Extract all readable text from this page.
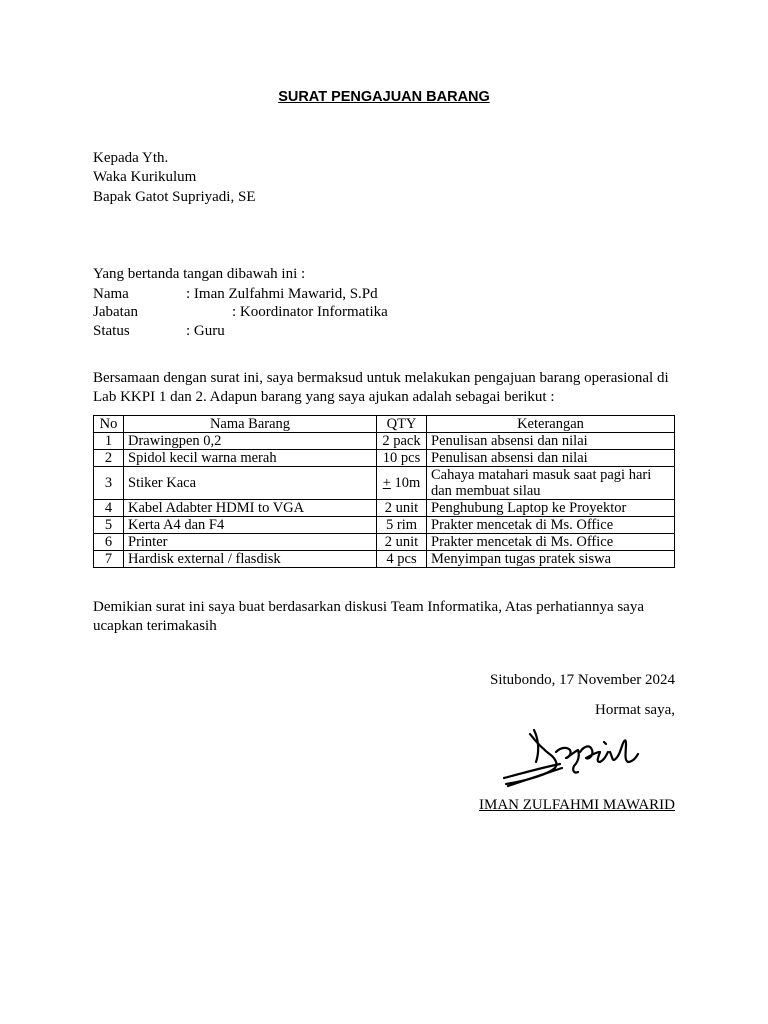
SURAT PENGAJUAN BARANG
Kepada Yth.
Waka Kurikulum
Bapak Gatot Supriyadi, SE
Yang bertanda tangan dibawah ini :
Nama	: Iman Zulfahmi Mawarid, S.Pd
Jabatan	: Koordinator Informatika
Status	: Guru
Bersamaan dengan surat ini, saya bermaksud untuk melakukan pengajuan barang operasional di Lab KKPI 1 dan 2. Adapun barang yang saya ajukan adalah sebagai berikut :
No	Nama Barang	QTY	Keterangan
1	Drawingpen 0,2	2 pack	Penulisan absensi dan nilai
2	Spidol kecil warna merah	10 pcs	Penulisan absensi dan nilai
3	Stiker Kaca	+ 10m	Cahaya matahari masuk saat pagi hari dan membuat silau
4	Kabel Adabter HDMI to VGA	2 unit	Penghubung Laptop ke Proyektor
5	Kerta A4 dan F4	5 rim	Prakter mencetak di Ms. Office
6	Printer	2 unit	Prakter mencetak di Ms. Office
7	Hardisk external / flasdisk	4 pcs	Menyimpan tugas pratek siswa
Demikian surat ini saya buat berdasarkan diskusi Team Informatika, Atas perhatiannya saya ucapkan terimakasih
Situbondo, 17 November 2024
Hormat saya,
IMAN ZULFAHMI MAWARID
